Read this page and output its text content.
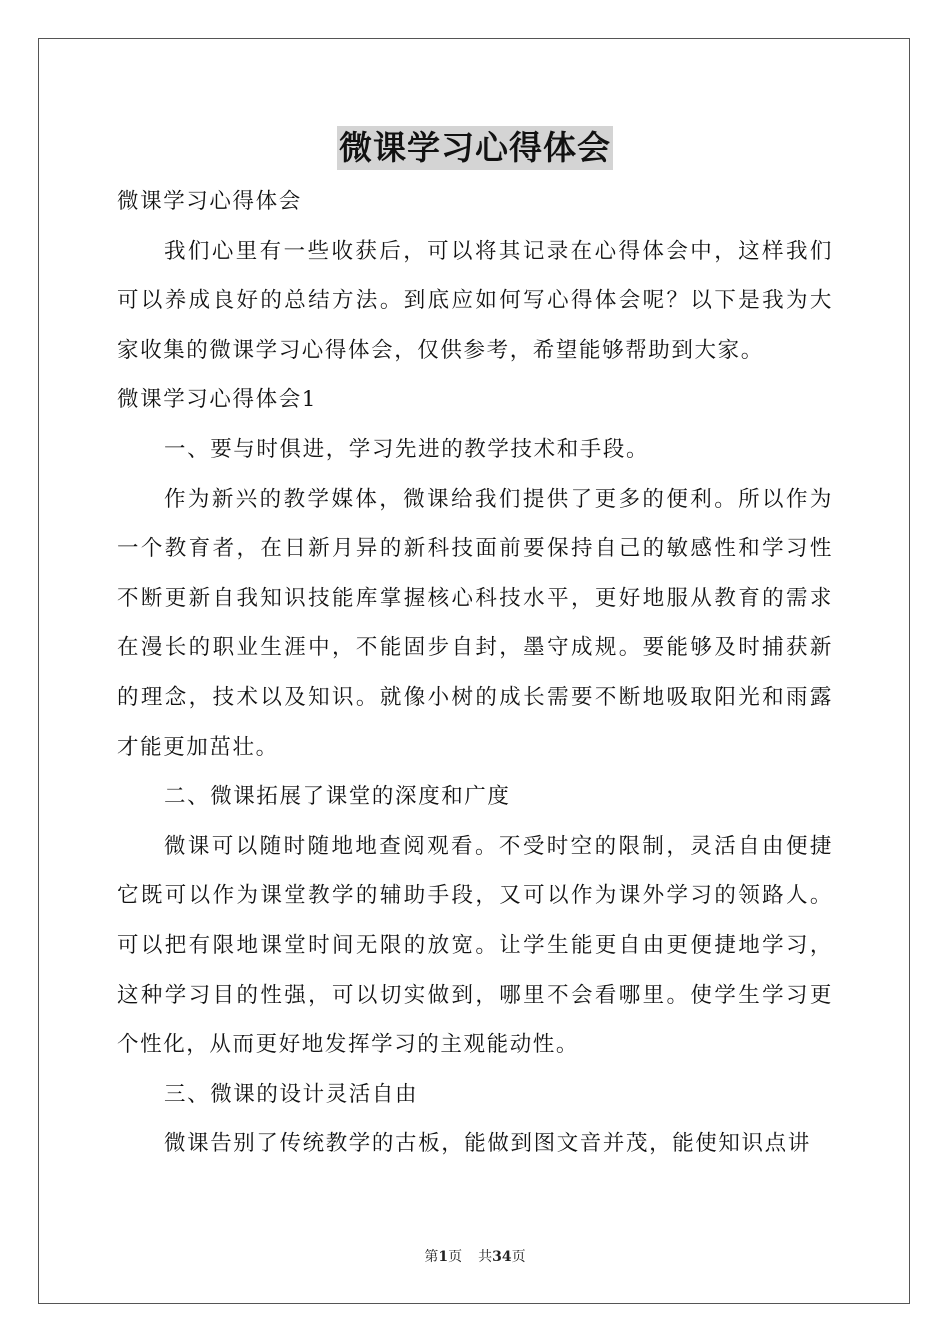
微课学习心得体会

微课学习心得体会

我们心里有一些收获后，可以将其记录在心得体会中，这样我们可以养成良好的总结方法。到底应如何写心得体会呢？以下是我为大家收集的微课学习心得体会，仅供参考，希望能够帮助到大家。

微课学习心得体会1

一、要与时俱进，学习先进的教学技术和手段。

作为新兴的教学媒体，微课给我们提供了更多的便利。所以作为一个教育者，在日新月异的新科技面前要保持自己的敏感性和学习性不断更新自我知识技能库掌握核心科技水平，更好地服从教育的需求在漫长的职业生涯中，不能固步自封，墨守成规。要能够及时捕获新的理念，技术以及知识。就像小树的成长需要不断地吸取阳光和雨露才能更加茁壮。

二、微课拓展了课堂的深度和广度

微课可以随时随地地查阅观看。不受时空的限制，灵活自由便捷它既可以作为课堂教学的辅助手段，又可以作为课外学习的领路人。可以把有限地课堂时间无限的放宽。让学生能更自由更便捷地学习，这种学习目的性强，可以切实做到，哪里不会看哪里。使学生学习更个性化，从而更好地发挥学习的主观能动性。

三、微课的设计灵活自由

微课告别了传统教学的古板，能做到图文音并茂，能使知识点讲

第1页 共34页
